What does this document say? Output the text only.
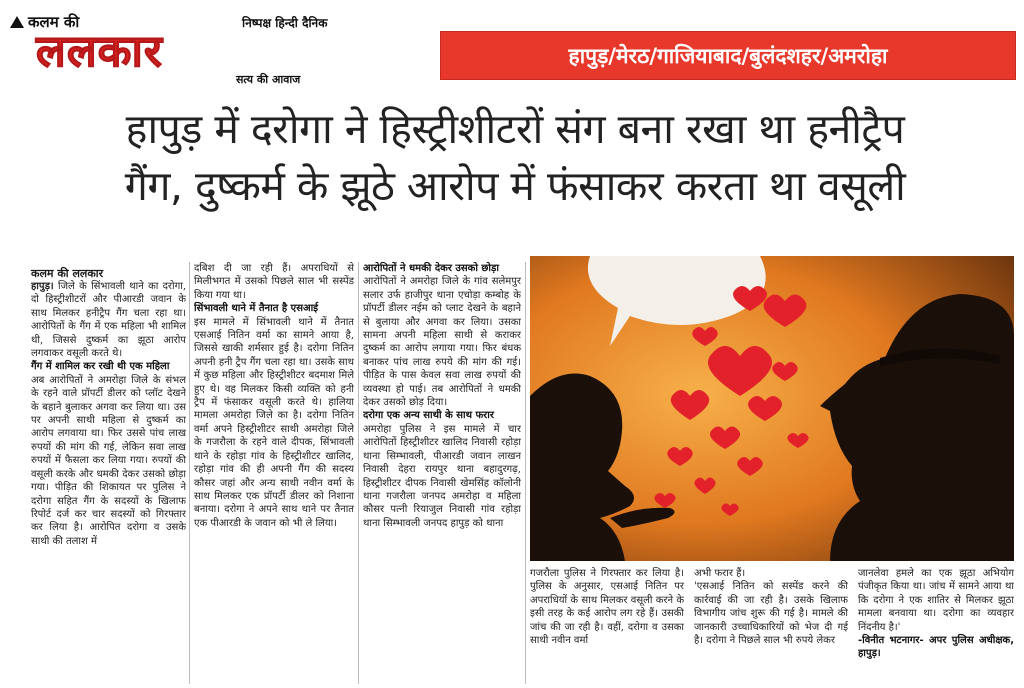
कलम की	निष्पक्ष हिन्दी दैनिक
ललकार
सत्य की आवाज
हापुड़/मेरठ/गाजियाबाद/बुलंदशहर/अमरोहा
हापुड़ में दरोगा ने हिस्ट्रीशीटरों संग बना रखा था हनीट्रैप
गैंग, दुष्कर्म के झूठे आरोप में फंसाकर करता था वसूली
कलम की ललकार

हापुड़। जिले के सिंभावली थाने का दरोगा, दो हिस्ट्रीशीटरों और पीआरडी जवान के साथ मिलकर हनीट्रैप गैंग चला रहा था। आरोपितों के गैंग में एक महिला भी शामिल थी, जिससे दुष्कर्म का झूठा आरोप लगवाकर वसूली करते थे।

गैंग में शामिल कर रखी थी एक महिला

अब आरोपितों ने अमरोहा जिले के संभल के रहने वाले प्रॉपर्टी डीलर को प्लॉट देखने के बहाने बुलाकर अगवा कर लिया था। उस पर अपनी साथी महिला से दुष्कर्म का आरोप लगवाया था। फिर उससे पांच लाख रुपयों की मांग की गई, लेकिन सवा लाख रुपयों में फैसला कर लिया गया। रुपयों की वसूली करके और धमकी देकर उसको छोड़ा गया। पीड़ित की शिकायत पर पुलिस ने दरोगा सहित गैंग के सदस्यों के खिलाफ रिपोर्ट दर्ज कर चार सदस्यों को गिरफ्तार कर लिया है। आरोपित दरोगा व उसके साथी की तलाश में

दबिश दी जा रही हैं। अपराधियों से मिलीभगत में उसको पिछले साल भी सस्पेंड किया गया था।

सिंभावली थाने में तैनात है एसआई

इस मामले में सिंभावली थाने में तैनात एसआई नितिन वर्मा का सामने आया है, जिससे खाकी शर्मसार हुई है। दरोगा नितिन अपनी हनी ट्रैप गैंग चला रहा था। उसके साथ में कुछ महिला और हिस्ट्रीशीटर बदमाश मिले हुए थे। वह मिलकर किसी व्यक्ति को हनी ट्रैप में फंसाकर वसूली करते थे। हालिया मामला अमरोहा जिले का है। दरोगा नितिन वर्मा अपने हिस्ट्रीशीटर साथी अमरोहा जिले के गजरौला के रहने वाले दीपक, सिंभावली थाने के रहोड़ा गांव के हिस्ट्रीशीटर खालिद, रहोड़ा गांव की ही अपनी गैंग की सदस्य कौसर जहां और अन्य साथी नवीन वर्मा के साथ मिलकर एक प्रॉपर्टी डीलर को निशाना बनाया। दरोगा ने अपने साथ थाने पर तैनात एक पीआरडी के जवान को भी ले लिया।

आरोपितों ने धमकी देकर उसको छोड़ा

आरोपितों ने अमरोहा जिले के गांव सलेमपुर सलार उर्फ हाजीपुर थाना एचोड़ा कम्बोह के प्रॉपर्टी डीलर नईम को प्लाट देखने के बहाने से बुलाया और अगवा कर लिया। उसका सामना अपनी महिला साथी से कराकर दुष्कर्म का आरोप लगाया गया। फिर बंधक बनाकर पांच लाख रुपये की मांग की गई। पीड़ित के पास केवल सवा लाख रुपयों की व्यवस्था हो पाई। तब आरोपितों ने धमकी देकर उसको छोड़ दिया।

दरोगा एक अन्य साथी के साथ फरार

अमरोहा पुलिस ने इस मामले में चार आरोपितों हिस्ट्रीशीटर खालिद निवासी रहोड़ा थाना सिम्भावली, पीआरडी जवान लाखन निवासी देहरा रायपुर थाना बहादुरगढ़, हिस्ट्रीशीटर दीपक निवासी खेमसिंह कॉलोनी थाना गजरौला जनपद अमरोहा व महिला कौसर पत्नी रियाजुल निवासी गांव रहोड़ा थाना सिम्भावली जनपद हापुड़ को थाना

गजरौला पुलिस ने गिरफ्तार कर लिया है। पुलिस के अनुसार, एसआई नितिन पर अपराधियों के साथ मिलकर वसूली करने के इसी तरह के कई आरोप लग रहे हैं। उसकी जांच की जा रही है। वहीं, दरोगा व उसका साथी नवीन वर्मा

अभी फरार हैं।

'एसआई नितिन को सस्पेंड करने की कार्रवाई की जा रही है। उसके खिलाफ विभागीय जांच शुरू की गई है। मामले की जानकारी उच्चाधिकारियों को भेज दी गई है। दरोगा ने पिछले साल भी रुपये लेकर

जानलेवा हमले का एक झूठा अभियोग पंजीकृत किया था। जांच में सामने आया था कि दरोगा ने एक शातिर से मिलकर झूठा मामला बनवाया था। दरोगा का व्यवहार निंदनीय है।'

-विनीत भटनागर- अपर पुलिस अधीक्षक, हापुड़।
